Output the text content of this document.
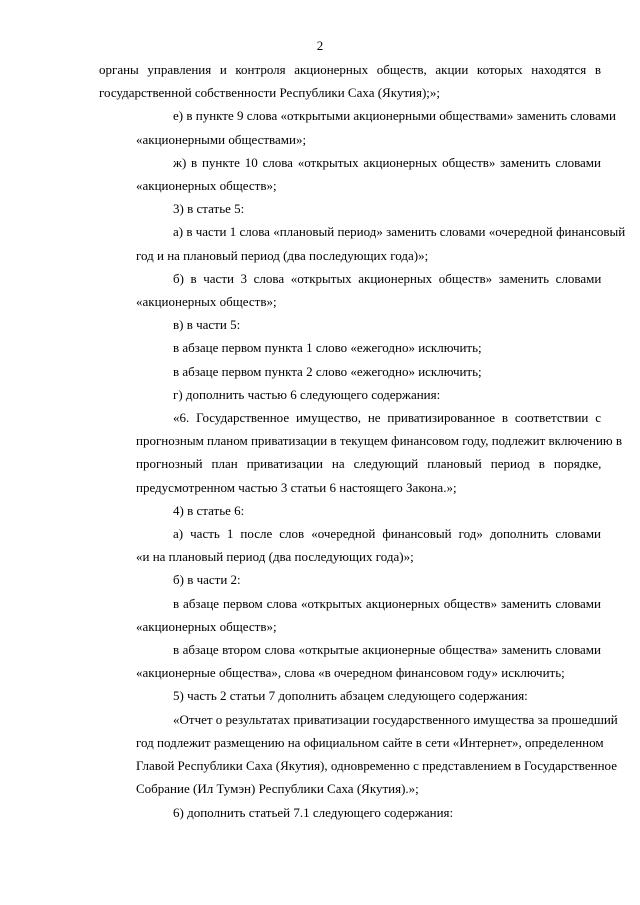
2
органы управления и контроля акционерных обществ, акции которых находятся в
государственной собственности Республики Саха (Якутия);»;
е) в пункте 9 слова «открытыми акционерными обществами» заменить словами
«акционерными обществами»;
ж) в пункте 10 слова «открытых акционерных обществ» заменить словами
«акционерных обществ»;
3) в статье 5:
а) в части 1 слова «плановый период» заменить словами «очередной финансовый
год и на плановый период (два последующих года)»;
б) в части 3 слова «открытых акционерных обществ» заменить словами
«акционерных обществ»;
в) в части 5:
в абзаце первом пункта 1 слово «ежегодно» исключить;
в абзаце первом пункта 2 слово «ежегодно» исключить;
г) дополнить частью 6 следующего содержания:
«6. Государственное имущество, не приватизированное в соответствии с
прогнозным планом приватизации в текущем финансовом году, подлежит включению в
прогнозный план приватизации на следующий плановый период в порядке,
предусмотренном частью 3 статьи 6 настоящего Закона.»;
4) в статье 6:
а) часть 1 после слов «очередной финансовый год» дополнить словами
«и на плановый период (два последующих года)»;
б) в части 2:
в абзаце первом слова «открытых акционерных обществ» заменить словами
«акционерных обществ»;
в абзаце втором слова «открытые акционерные общества» заменить словами
«акционерные общества», слова «в очередном финансовом году» исключить;
5) часть 2 статьи 7 дополнить абзацем следующего содержания:
«Отчет о результатах приватизации государственного имущества за прошедший
год подлежит размещению на официальном сайте в сети «Интернет», определенном
Главой Республики Саха (Якутия), одновременно с представлением в Государственное
Собрание (Ил Тумэн) Республики Саха (Якутия).»;
6) дополнить статьей 7.1 следующего содержания:
